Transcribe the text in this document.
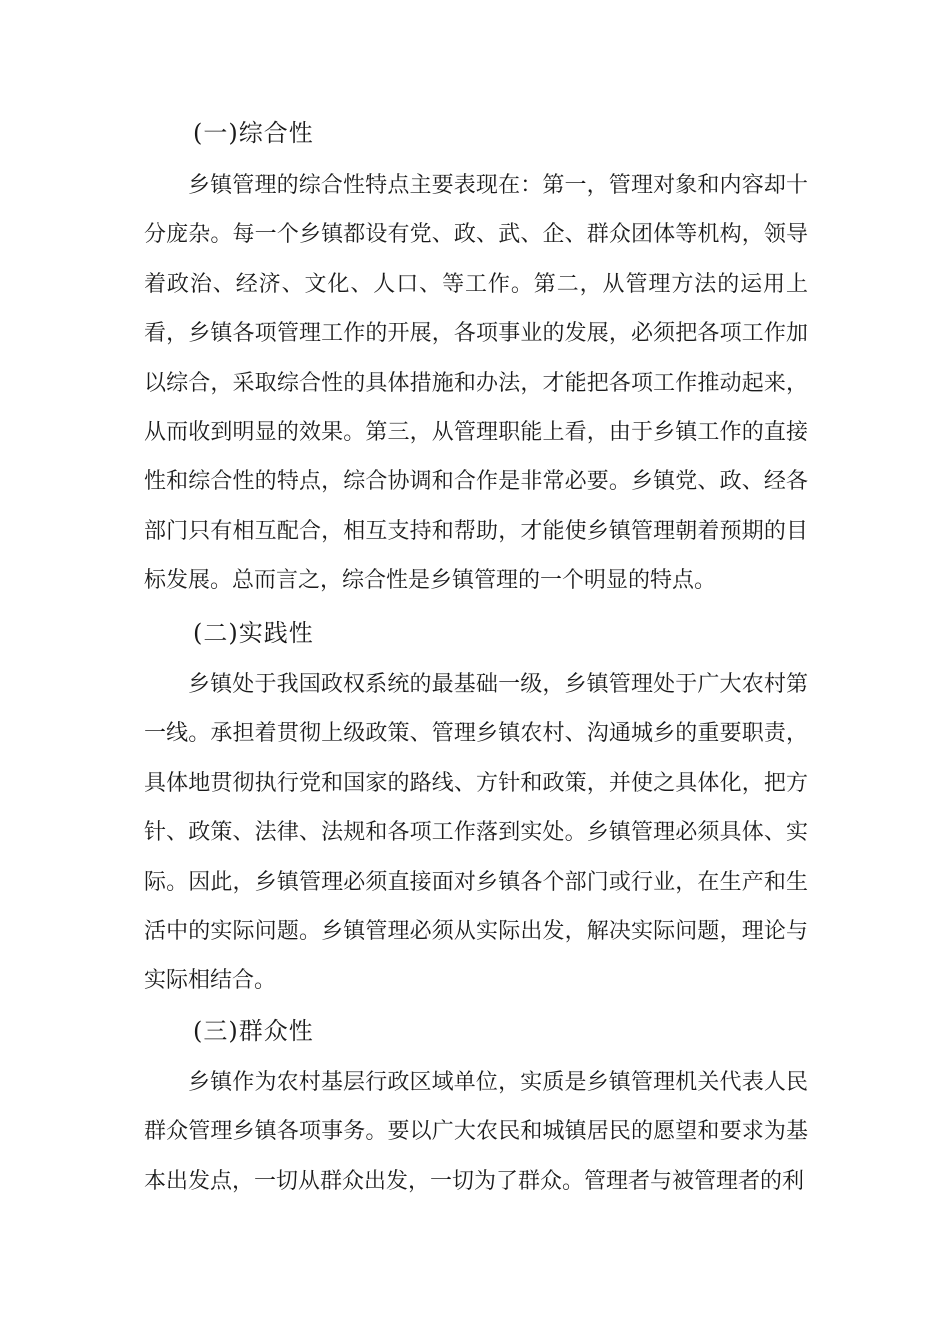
(一)综合性

乡镇管理的综合性特点主要表现在：第一，管理对象和内容却十分庞杂。每一个乡镇都设有党、政、武、企、群众团体等机构，领导着政治、经济、文化、人口、等工作。第二，从管理方法的运用上看，乡镇各项管理工作的开展，各项事业的发展，必须把各项工作加以综合，采取综合性的具体措施和办法，才能把各项工作推动起来，从而收到明显的效果。第三，从管理职能上看，由于乡镇工作的直接性和综合性的特点，综合协调和合作是非常必要。乡镇党、政、经各部门只有相互配合，相互支持和帮助，才能使乡镇管理朝着预期的目标发展。总而言之，综合性是乡镇管理的一个明显的特点。

(二)实践性

乡镇处于我国政权系统的最基础一级，乡镇管理处于广大农村第一线。承担着贯彻上级政策、管理乡镇农村、沟通城乡的重要职责，具体地贯彻执行党和国家的路线、方针和政策，并使之具体化，把方针、政策、法律、法规和各项工作落到实处。乡镇管理必须具体、实际。因此，乡镇管理必须直接面对乡镇各个部门或行业，在生产和生活中的实际问题。乡镇管理必须从实际出发，解决实际问题，理论与实际相结合。

(三)群众性

乡镇作为农村基层行政区域单位，实质是乡镇管理机关代表人民群众管理乡镇各项事务。要以广大农民和城镇居民的愿望和要求为基本出发点，一切从群众出发，一切为了群众。管理者与被管理者的利
